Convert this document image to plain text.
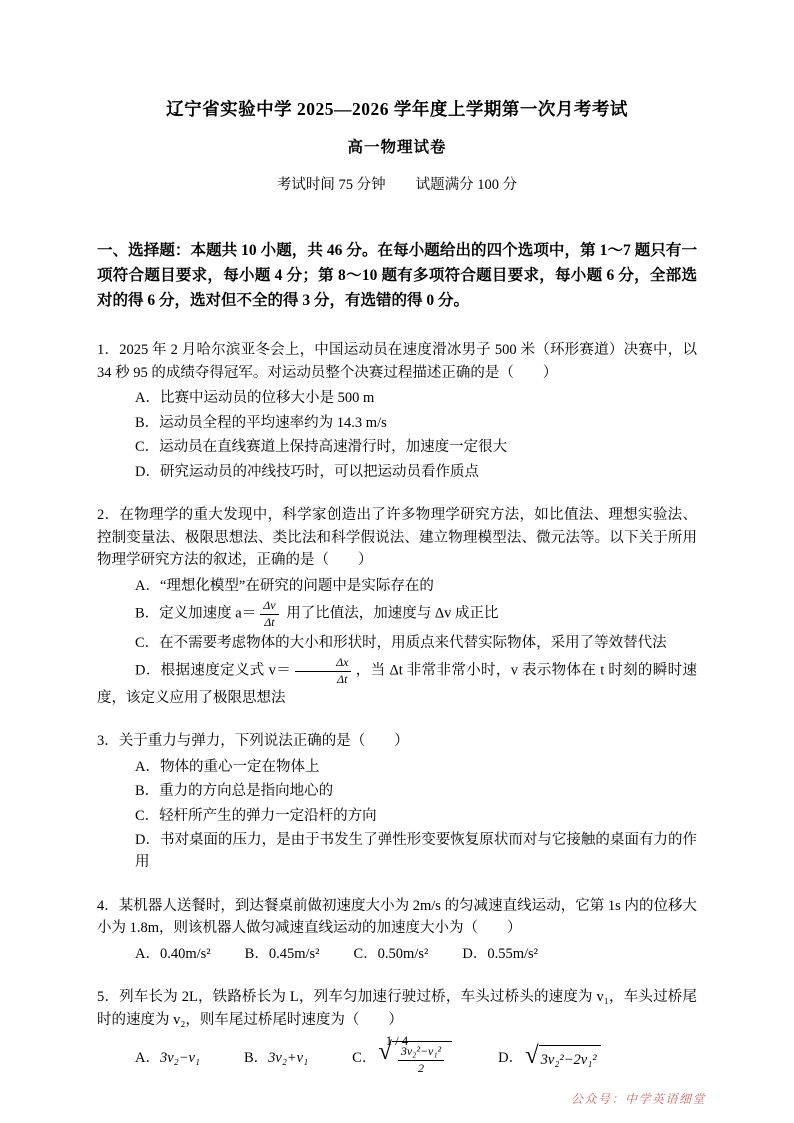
辽宁省实验中学 2025—2026 学年度上学期第一次月考考试
高一物理试卷
考试时间 75 分钟 试题满分 100 分

一、选择题：本题共 10 小题，共 46 分。在每小题给出的四个选项中，第 1～7 题只有一项符合题目要求，每小题 4 分；第 8～10 题有多项符合题目要求，每小题 6 分，全部选对的得 6 分，选对但不全的得 3 分，有选错的得 0 分。

1．2025 年 2 月哈尔滨亚冬会上，中国运动员在速度滑冰男子 500 米（环形赛道）决赛中，以 34 秒 95 的成绩夺得冠军。对运动员整个决赛过程描述正确的是（　　）

A．比赛中运动员的位移大小是 500 m

B．运动员全程的平均速率约为 14.3 m/s

C．运动员在直线赛道上保持高速滑行时，加速度一定很大

D．研究运动员的冲线技巧时，可以把运动员看作质点

2．在物理学的重大发现中，科学家创造出了许多物理学研究方法，如比值法、理想实验法、控制变量法、极限思想法、类比法和科学假说法、建立物理模型法、微元法等。以下关于所用物理学研究方法的叙述，正确的是（　　）

A．“理想化模型”在研究的问题中是实际存在的

B．定义加速度 $a= \frac{\Delta v}{\Delta t}$ 用了比值法，加速度与 Δv 成正比

C．在不需要考虑物体的大小和形状时，用质点来代替实际物体，采用了等效替代法

D．根据速度定义式 $v= \frac{\Delta x}{\Delta t}$ ，当 Δt 非常非常小时，v 表示物体在 t 时刻的瞬时速度，该定义应用了极限思想法

3．关于重力与弹力，下列说法正确的是（　　）

A．物体的重心一定在物体上

B．重力的方向总是指向地心的

C．轻杆所产生的弹力一定沿杆的方向

D．书对桌面的压力，是由于书发生了弹性形变要恢复原状而对与它接触的桌面有力的作用

4．某机器人送餐时，到达餐桌前做初速度大小为 2m/s 的匀减速直线运动，它第 1s 内的位移大小为 1.8m，则该机器人做匀减速直线运动的加速度大小为（　　）

A．0.40m/s² B．0.45m/s² C．0.50m/s² D．0.55m/s²

5．列车长为 2L，铁路桥长为 L，列车匀加速行驶过桥，车头过桥头的速度为 v₁，车头过桥尾时的速度为 v₂，则车尾过桥尾时速度为（　　）

A． 3v₂−v₁	B． 3v₂+v₁	C． √ $\frac{\text{3v₂²−v₁²}}{2}$	D． √ 3v₂²−2v₁²
1 / 4
公众号：中学英语细堂
